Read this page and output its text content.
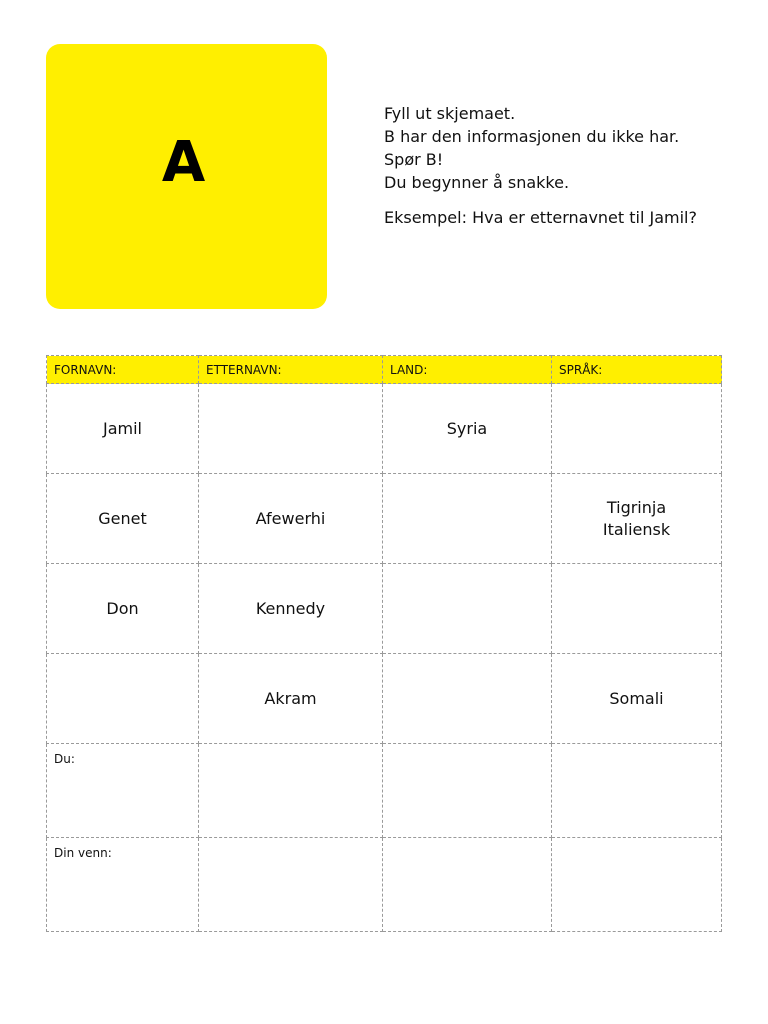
A
Fyll ut skjemaet.
B har den informasjonen du ikke har.
Spør B!
Du begynner å snakke.
Eksempel: Hva er etternavnet til Jamil?
FORNAVN:	ETTERNAVN:	LAND:	SPRÅK:
Jamil		Syria	
Genet	Afewerhi		Tigrinja
Italiensk

Don	Kennedy		
	Akram		Somali
Du:			
Din venn:			
